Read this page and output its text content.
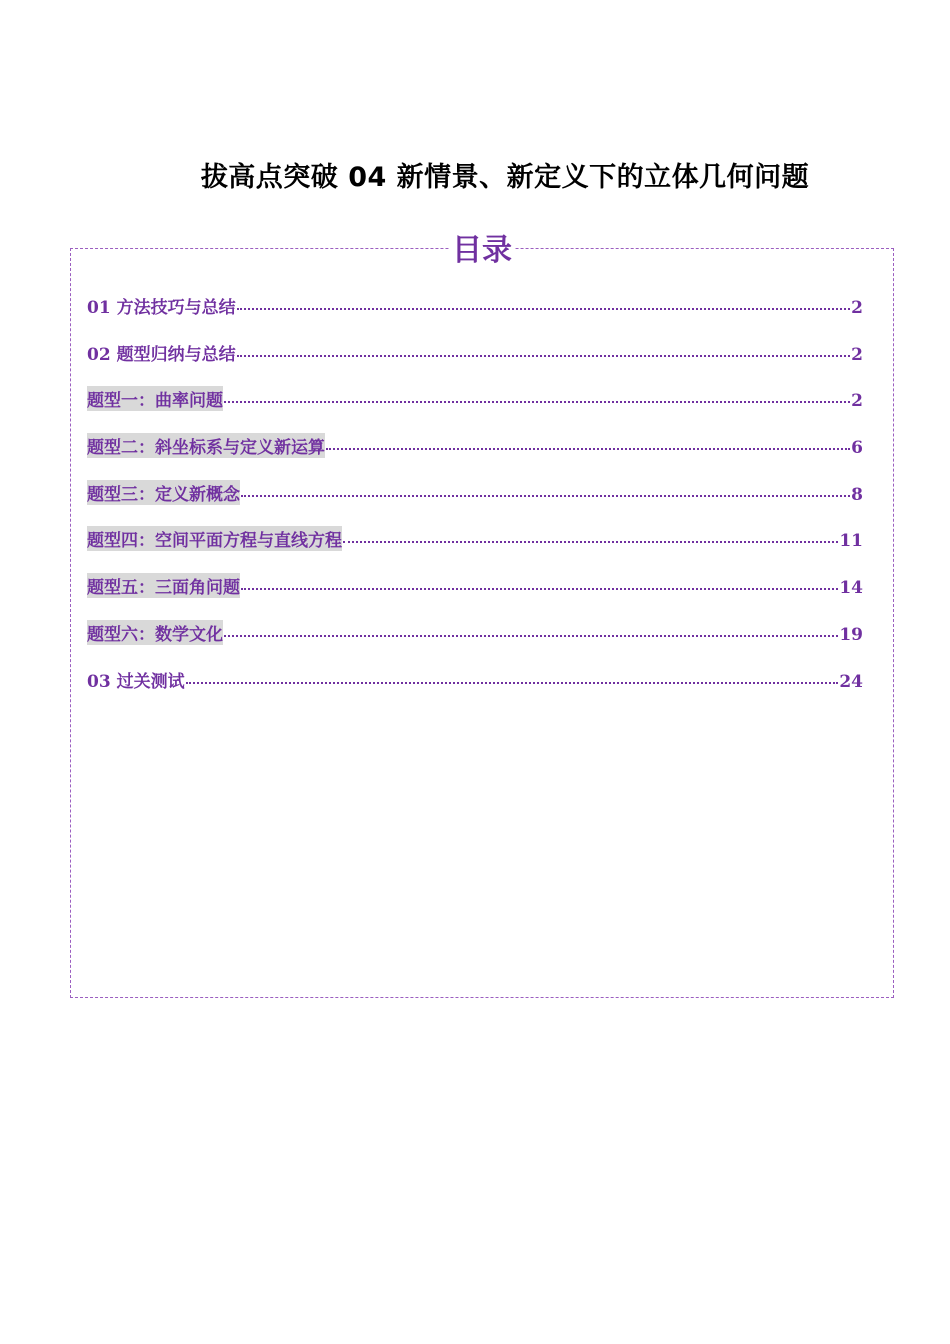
拔高点突破 04 新情景、新定义下的立体几何问题
目录
01 方法技巧与总结	2
02 题型归纳与总结	2
题型一：曲率问题	2
题型二：斜坐标系与定义新运算	6
题型三：定义新概念	8
题型四：空间平面方程与直线方程	11
题型五：三面角问题	14
题型六：数学文化	19
03 过关测试	24
